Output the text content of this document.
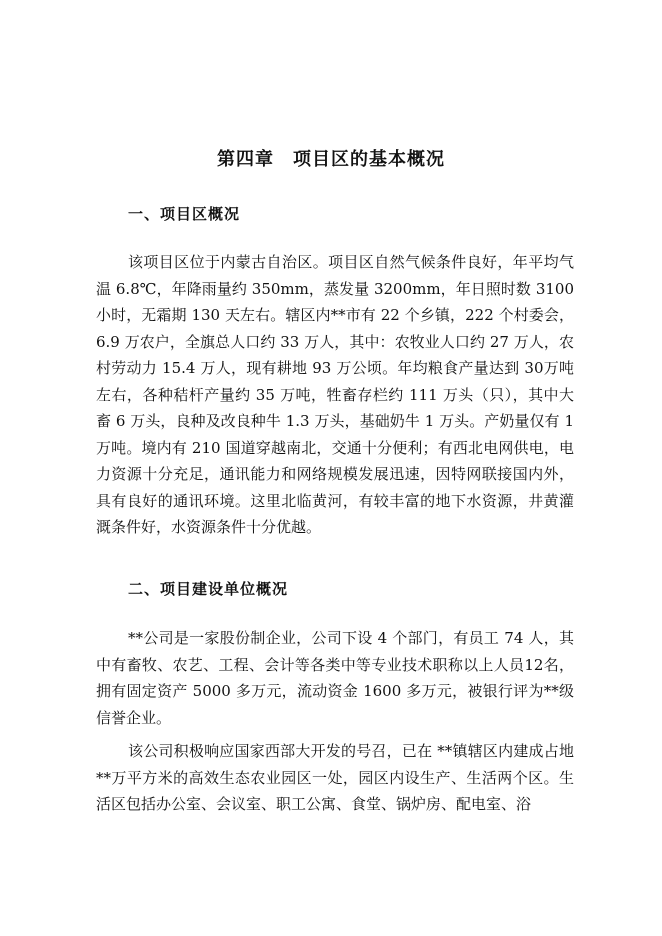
第四章　项目区的基本概况
一、项目区概况

该项目区位于内蒙古自治区。项目区自然气候条件良好，年平均气温 6.8℃，年降雨量约 350mm，蒸发量 3200mm，年日照时数 3100小时，无霜期 130 天左右。辖区内**市有 22 个乡镇，222 个村委会，6.9 万农户，全旗总人口约 33 万人，其中：农牧业人口约 27 万人，农村劳动力 15.4 万人，现有耕地 93 万公顷。年均粮食产量达到 30万吨左右，各种秸杆产量约 35 万吨，牲畜存栏约 111 万头（只），其中大畜 6 万头，良种及改良种牛 1.3 万头，基础奶牛 1 万头。产奶量仅有 1 万吨。境内有 210 国道穿越南北，交通十分便利；有西北电网供电，电力资源十分充足，通讯能力和网络规模发展迅速，因特网联接国内外，具有良好的通讯环境。这里北临黄河，有较丰富的地下水资源，井黄灌溉条件好，水资源条件十分优越。

二、项目建设单位概况

**公司是一家股份制企业，公司下设 4 个部门，有员工 74 人，其中有畜牧、农艺、工程、会计等各类中等专业技术职称以上人员12名，拥有固定资产 5000 多万元，流动资金 1600 多万元，被银行评为**级信誉企业。

该公司积极响应国家西部大开发的号召，已在 **镇辖区内建成占地**万平方米的高效生态农业园区一处，园区内设生产、生活两个区。生活区包括办公室、会议室、职工公寓、食堂、锅炉房、配电室、浴
